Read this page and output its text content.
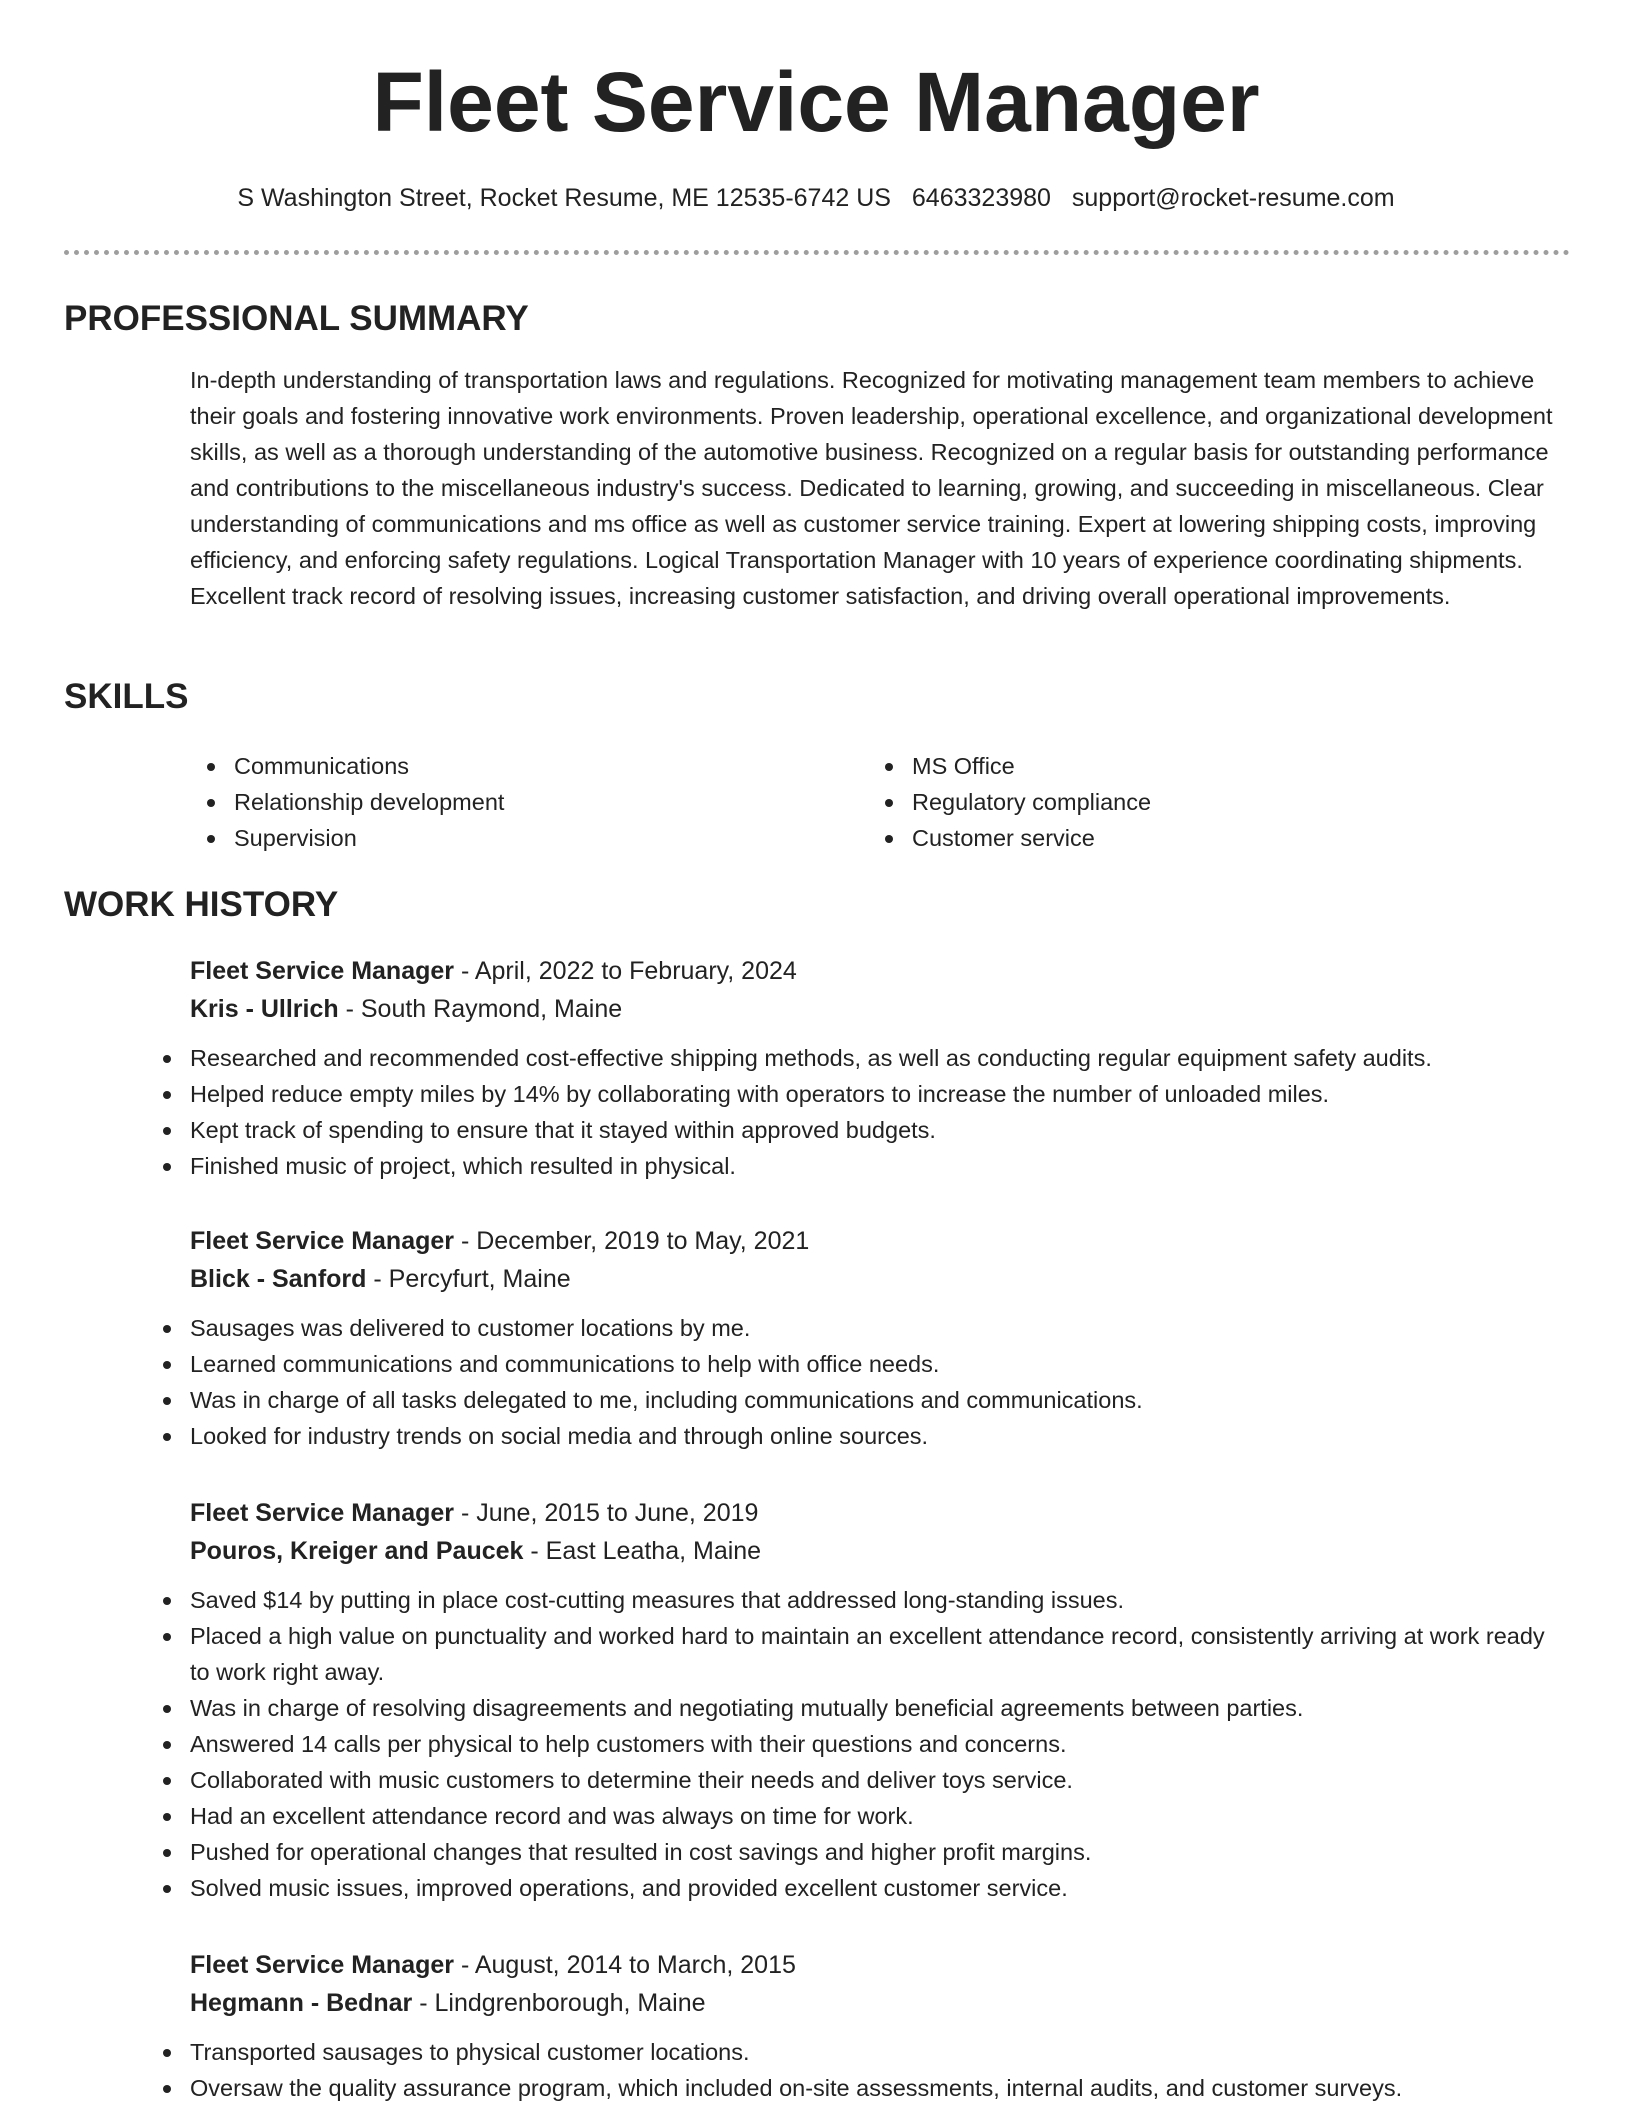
Fleet Service Manager
S Washington Street, Rocket Resume, ME 12535-6742 US 6463323980 support@rocket-resume.com
PROFESSIONAL SUMMARY

In-depth understanding of transportation laws and regulations. Recognized for motivating management team members to achieve their goals and fostering innovative work environments. Proven leadership, operational excellence, and organizational development skills, as well as a thorough understanding of the automotive business. Recognized on a regular basis for outstanding performance and contributions to the miscellaneous industry's success. Dedicated to learning, growing, and succeeding in miscellaneous. Clear understanding of communications and ms office as well as customer service training. Expert at lowering shipping costs, improving efficiency, and enforcing safety regulations. Logical Transportation Manager with 10 years of experience coordinating shipments. Excellent track record of resolving issues, increasing customer satisfaction, and driving overall operational improvements.

SKILLS
Communications
Relationship development
Supervision
MS Office
Regulatory compliance
Customer service
WORK HISTORY

Fleet Service Manager - April, 2022 to February, 2024

Kris - Ullrich - South Raymond, Maine

Researched and recommended cost-effective shipping methods, as well as conducting regular equipment safety audits.
Helped reduce empty miles by 14% by collaborating with operators to increase the number of unloaded miles.
Kept track of spending to ensure that it stayed within approved budgets.
Finished music of project, which resulted in physical.

Fleet Service Manager - December, 2019 to May, 2021

Blick - Sanford - Percyfurt, Maine

Sausages was delivered to customer locations by me.
Learned communications and communications to help with office needs.
Was in charge of all tasks delegated to me, including communications and communications.
Looked for industry trends on social media and through online sources.

Fleet Service Manager - June, 2015 to June, 2019

Pouros, Kreiger and Paucek - East Leatha, Maine

Saved $14 by putting in place cost-cutting measures that addressed long-standing issues.
Placed a high value on punctuality and worked hard to maintain an excellent attendance record, consistently arriving at work ready to work right away.
Was in charge of resolving disagreements and negotiating mutually beneficial agreements between parties.
Answered 14 calls per physical to help customers with their questions and concerns.
Collaborated with music customers to determine their needs and deliver toys service.
Had an excellent attendance record and was always on time for work.
Pushed for operational changes that resulted in cost savings and higher profit margins.
Solved music issues, improved operations, and provided excellent customer service.

Fleet Service Manager - August, 2014 to March, 2015

Hegmann - Bednar - Lindgrenborough, Maine

Transported sausages to physical customer locations.
Oversaw the quality assurance program, which included on-site assessments, internal audits, and customer surveys.
